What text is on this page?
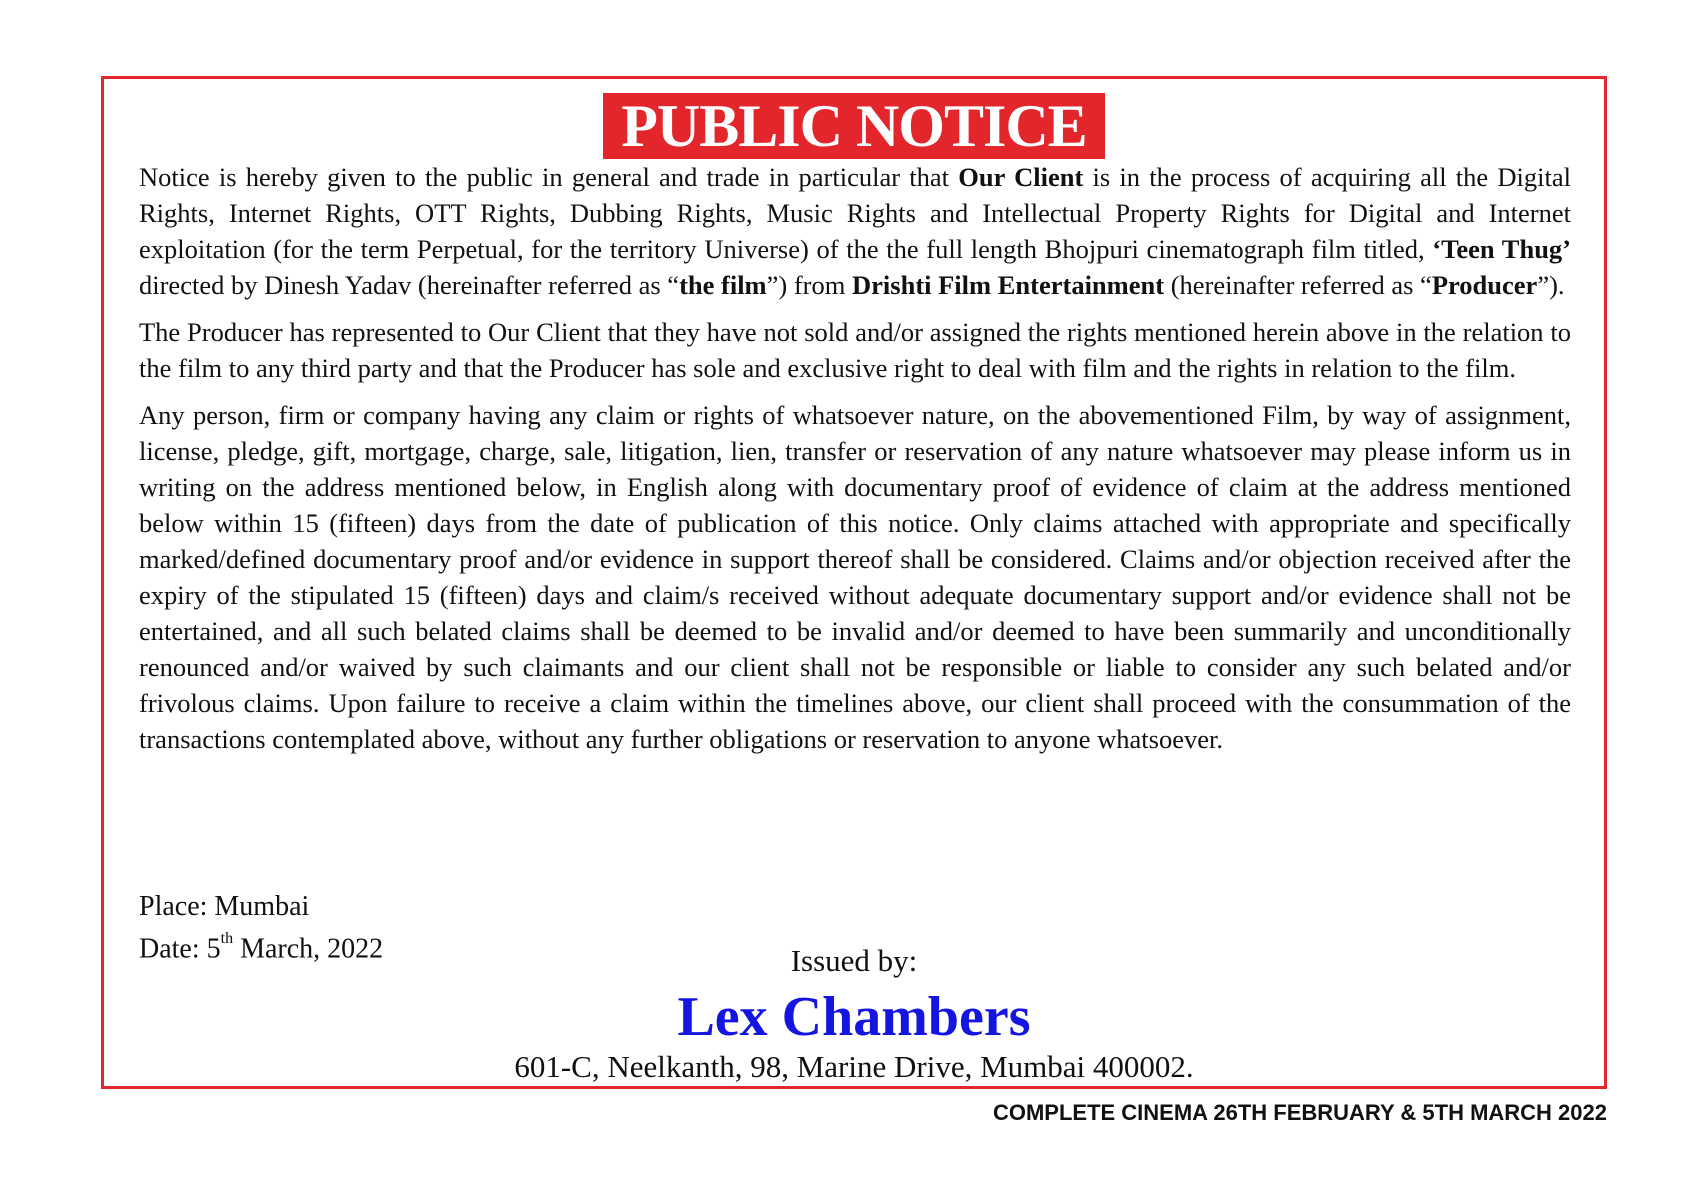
PUBLIC NOTICE

Notice is hereby given to the public in general and trade in particular that Our Client is in the process of acquiring all the Digital Rights, Internet Rights, OTT Rights, Dubbing Rights, Music Rights and Intellectual Property Rights for Digital and Internet exploitation (for the term Perpetual, for the territory Universe) of the the full length Bhojpuri cinematograph film titled, ‘Teen Thug’ directed by Dinesh Yadav (hereinafter referred as “the film”) from Drishti Film Entertainment (hereinafter referred as “Producer”).

The Producer has represented to Our Client that they have not sold and/or assigned the rights mentioned herein above in the relation to the film to any third party and that the Producer has sole and exclusive right to deal with film and the rights in relation to the film.

Any person, firm or company having any claim or rights of whatsoever nature, on the abovementioned Film, by way of assignment, license, pledge, gift, mortgage, charge, sale, litigation, lien, transfer or reservation of any nature whatsoever may please inform us in writing on the address mentioned below, in English along with documentary proof of evidence of claim at the address mentioned below within 15 (fifteen) days from the date of publication of this notice. Only claims attached with appropriate and specifically marked/defined documentary proof and/or evidence in support thereof shall be considered. Claims and/or objection received after the expiry of the stipulated 15 (fifteen) days and claim/s received without adequate documentary support and/or evidence shall not be entertained, and all such belated claims shall be deemed to be invalid and/or deemed to have been summarily and unconditionally renounced and/or waived by such claimants and our client shall not be responsible or liable to consider any such belated and/or frivolous claims. Upon failure to receive a claim within the timelines above, our client shall proceed with the consummation of the transactions contemplated above, without any further obligations or reservation to anyone whatsoever.

Place: Mumbai
Date: 5th March, 2022	Issued by:
Lex Chambers
601-C, Neelkanth, 98, Marine Drive, Mumbai 400002.
COMPLETE CINEMA 26TH FEBRUARY & 5TH MARCH 2022
